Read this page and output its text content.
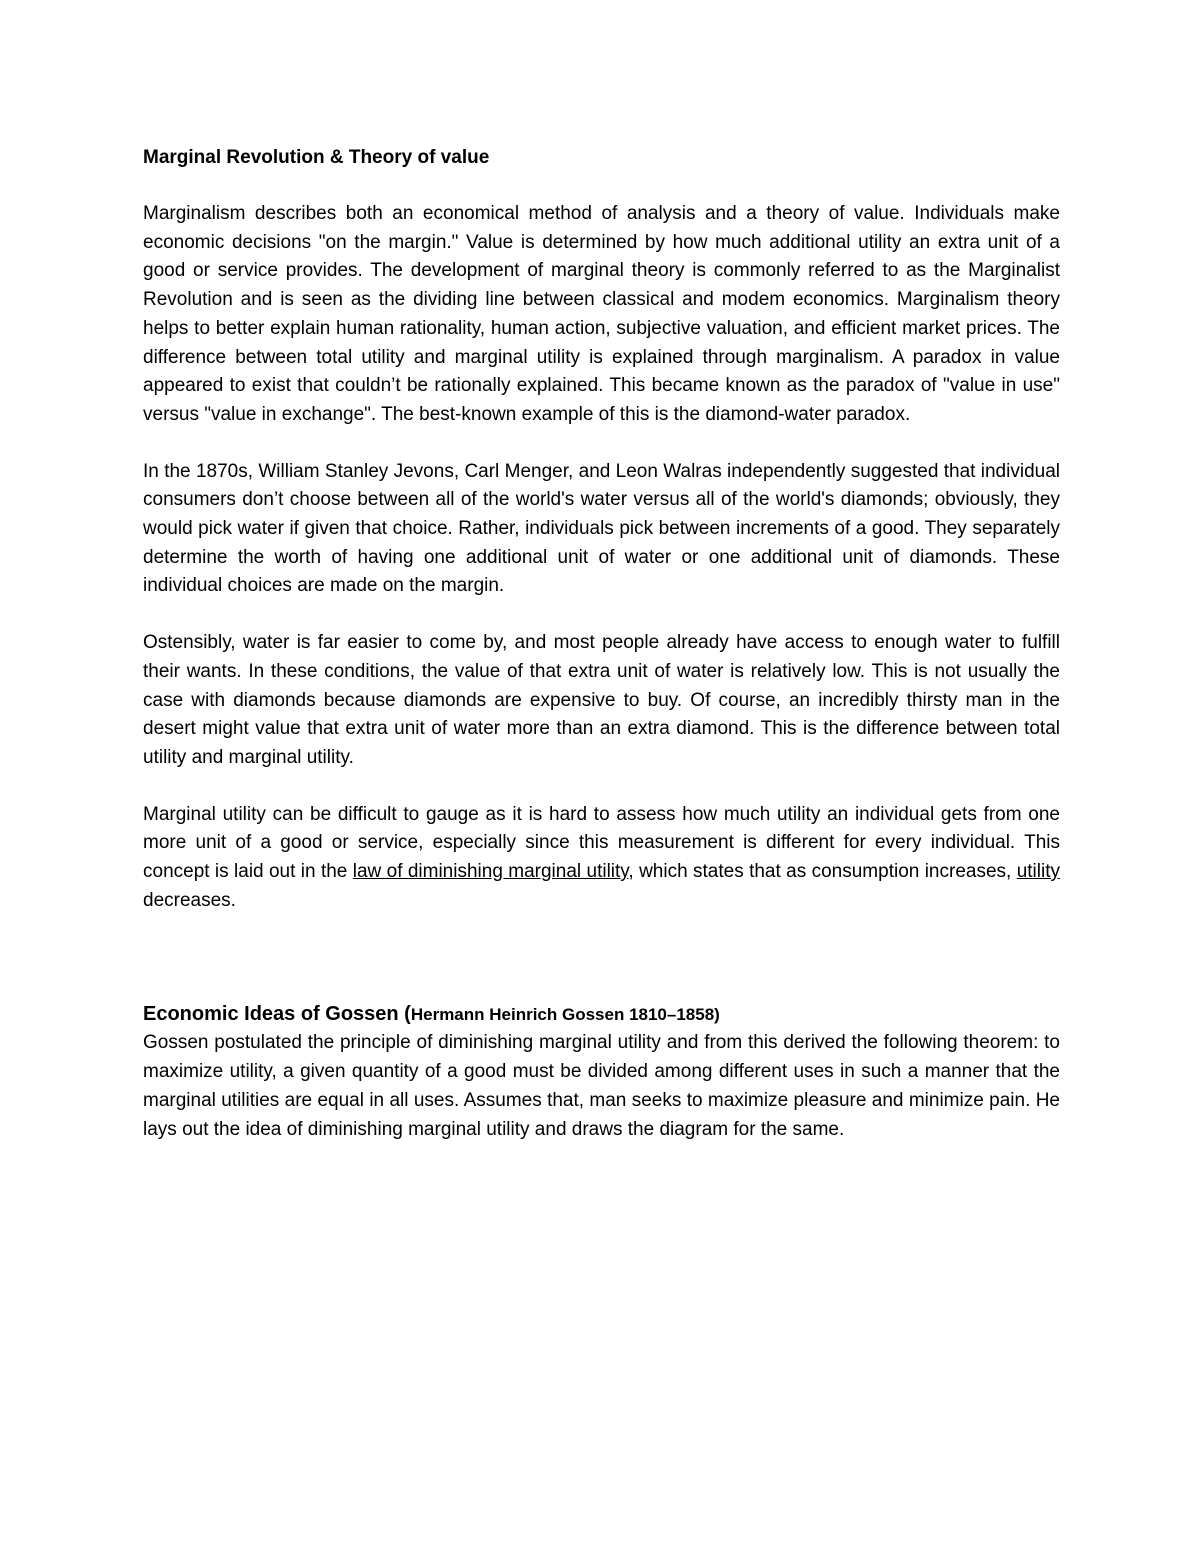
Marginal Revolution & Theory of value

Marginalism describes both an economical method of analysis and a theory of value. Individuals make economic decisions "on the margin." Value is determined by how much additional utility an extra unit of a good or service provides. The development of marginal theory is commonly referred to as the Marginalist Revolution and is seen as the dividing line between classical and modem economics. Marginalism theory helps to better explain human rationality, human action, subjective valuation, and efficient market prices. The difference between total utility and marginal utility is explained through marginalism. A paradox in value appeared to exist that couldn’t be rationally explained. This became known as the paradox of "value in use" versus "value in exchange". The best-known example of this is the diamond-water paradox.

In the 1870s, William Stanley Jevons, Carl Menger, and Leon Walras independently suggested that individual consumers don’t choose between all of the world's water versus all of the world's diamonds; obviously, they would pick water if given that choice. Rather, individuals pick between increments of a good. They separately determine the worth of having one additional unit of water or one additional unit of diamonds. These individual choices are made on the margin.

Ostensibly, water is far easier to come by, and most people already have access to enough water to fulfill their wants. In these conditions, the value of that extra unit of water is relatively low. This is not usually the case with diamonds because diamonds are expensive to buy. Of course, an incredibly thirsty man in the desert might value that extra unit of water more than an extra diamond. This is the difference between total utility and marginal utility.

Marginal utility can be difficult to gauge as it is hard to assess how much utility an individual gets from one more unit of a good or service, especially since this measurement is different for every individual. This concept is laid out in the law of diminishing marginal utility, which states that as consumption increases, utility decreases.

Economic Ideas of Gossen (Hermann Heinrich Gossen 1810–1858)

Gossen postulated the principle of diminishing marginal utility and from this derived the following theorem: to maximize utility, a given quantity of a good must be divided among different uses in such a manner that the marginal utilities are equal in all uses. Assumes that, man seeks to maximize pleasure and minimize pain. He lays out the idea of diminishing marginal utility and draws the diagram for the same.
